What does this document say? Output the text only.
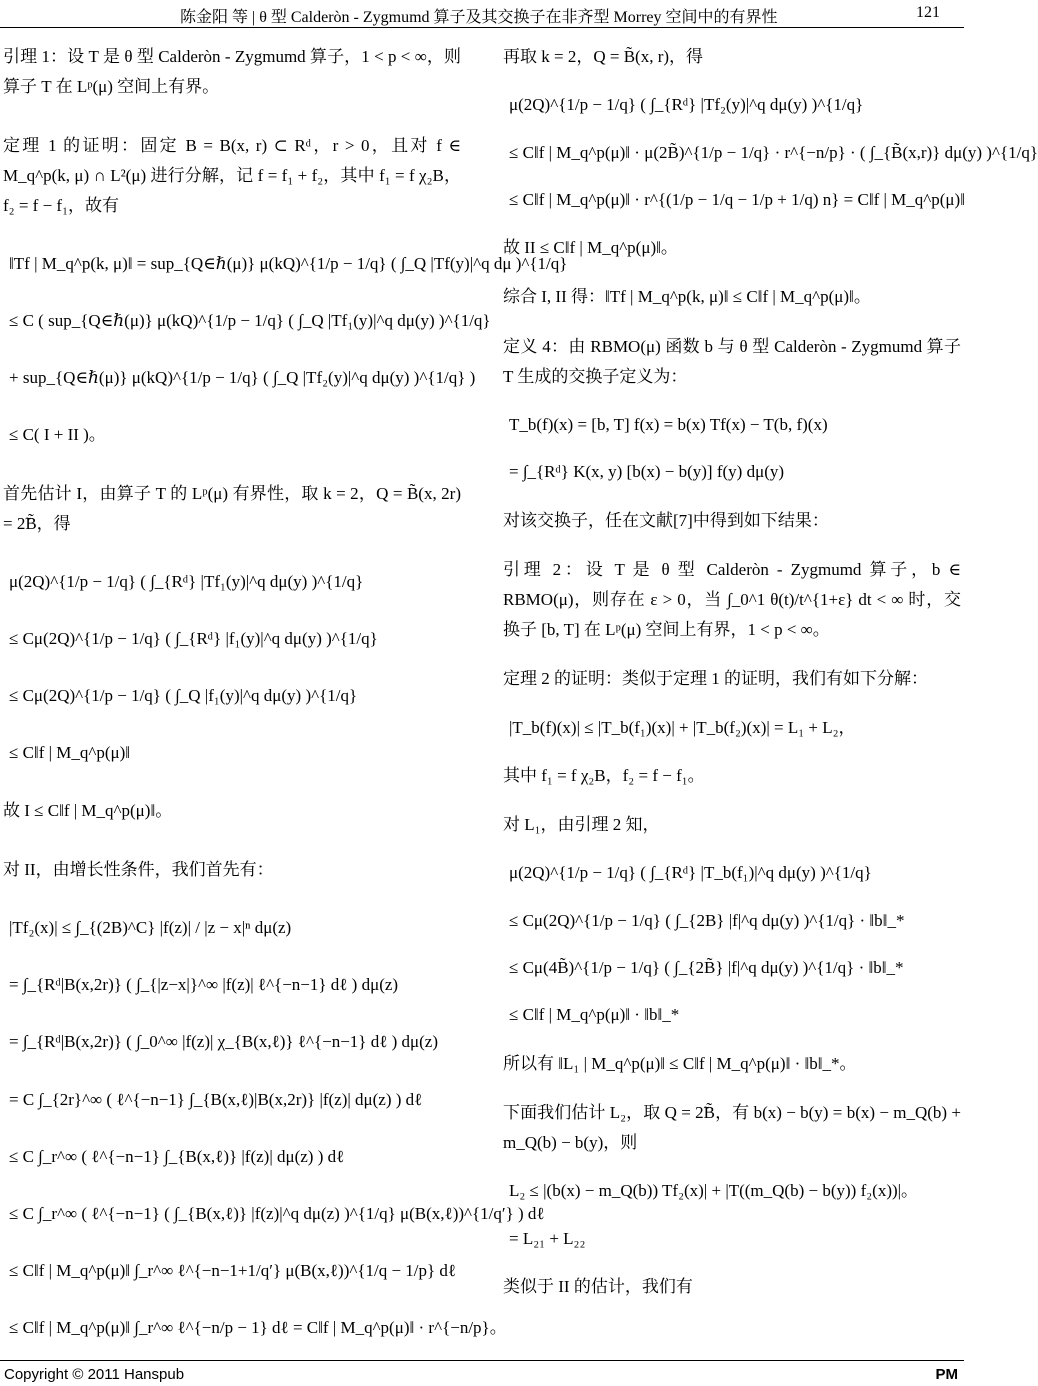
陈金阳 等 | θ 型 Calderòn - Zygmumd 算子及其交换子在非齐型 Morrey 空间中的有界性	121
引理 1：设 T 是 θ 型 Calderòn - Zygmumd 算子，1 < p < ∞，则算子 T 在 Lᵖ(μ) 空间上有界。
定理 1 的证明：固定 B = B(x, r) ⊂ Rᵈ，r > 0，且对 f ∈ M_q^p(k, μ) ∩ L²(μ) 进行分解，记 f = f₁ + f₂，其中 f₁ = f χ₂B，f₂ = f − f₁，故有
‖Tf | M_q^p(k, μ)‖ = sup_{Q∈ℏ(μ)} μ(kQ)^{1/p − 1/q} ( ∫_Q |Tf(y)|^q dμ )^{1/q}
≤ C ( sup_{Q∈ℏ(μ)} μ(kQ)^{1/p − 1/q} ( ∫_Q |Tf₁(y)|^q dμ(y) )^{1/q}
+ sup_{Q∈ℏ(μ)} μ(kQ)^{1/p − 1/q} ( ∫_Q |Tf₂(y)|^q dμ(y) )^{1/q} )
≤ C( I + II )。
首先估计 I，由算子 T 的 Lᵖ(μ) 有界性，取 k = 2，Q = B̃(x, 2r) = 2̃B̃，得
μ(2Q)^{1/p − 1/q} ( ∫_{Rᵈ} |Tf₁(y)|^q dμ(y) )^{1/q}
≤ Cμ(2Q)^{1/p − 1/q} ( ∫_{Rᵈ} |f₁(y)|^q dμ(y) )^{1/q}
≤ Cμ(2Q)^{1/p − 1/q} ( ∫_Q |f₁(y)|^q dμ(y) )^{1/q}
≤ C‖f | M_q^p(μ)‖
故 I ≤ C‖f | M_q^p(μ)‖。
对 II，由增长性条件，我们首先有：
|Tf₂(x)| ≤ ∫_{(2B)^C} |f(z)| / |z − x|ⁿ dμ(z)
= ∫_{Rᵈ|B(x,2r)} ( ∫_{|z−x|}^∞ |f(z)| ℓ^{−n−1} dℓ ) dμ(z)
= ∫_{Rᵈ|B(x,2r)} ( ∫_0^∞ |f(z)| χ_{B(x,ℓ)} ℓ^{−n−1} dℓ ) dμ(z)
= C ∫_{2r}^∞ ( ℓ^{−n−1} ∫_{B(x,ℓ)|B(x,2r)} |f(z)| dμ(z) ) dℓ
≤ C ∫_r^∞ ( ℓ^{−n−1} ∫_{B(x,ℓ)} |f(z)| dμ(z) ) dℓ
≤ C ∫_r^∞ ( ℓ^{−n−1} ( ∫_{B(x,ℓ)} |f(z)|^q dμ(z) )^{1/q} μ(B(x,ℓ))^{1/q′} ) dℓ
≤ C‖f | M_q^p(μ)‖ ∫_r^∞ ℓ^{−n−1+1/q′} μ(B(x,ℓ))^{1/q − 1/p} dℓ
≤ C‖f | M_q^p(μ)‖ ∫_r^∞ ℓ^{−n/p − 1} dℓ = C‖f | M_q^p(μ)‖ · r^{−n/p}。
再取 k = 2，Q = B̃(x, r)，得
μ(2Q)^{1/p − 1/q} ( ∫_{Rᵈ} |Tf₂(y)|^q dμ(y) )^{1/q}
≤ C‖f | M_q^p(μ)‖ · μ(2B̃)^{1/p − 1/q} · r^{−n/p} · ( ∫_{B̃(x,r)} dμ(y) )^{1/q}
≤ C‖f | M_q^p(μ)‖ · r^{(1/p − 1/q − 1/p + 1/q) n} = C‖f | M_q^p(μ)‖
故 II ≤ C‖f | M_q^p(μ)‖。
综合 I, II 得：‖Tf | M_q^p(k, μ)‖ ≤ C‖f | M_q^p(μ)‖。
定义 4：由 RBMO(μ) 函数 b 与 θ 型 Calderòn - Zygmumd 算子 T 生成的交换子定义为：
T_b(f)(x) = [b, T] f(x) = b(x) Tf(x) − T(b, f)(x)
= ∫_{Rᵈ} K(x, y) [b(x) − b(y)] f(y) dμ(y)
对该交换子，任在文献[7]中得到如下结果：
引理 2：设 T 是 θ 型 Calderòn - Zygmumd 算子，b ∈ RBMO(μ)，则存在 ε > 0，当 ∫_0^1 θ(t)/t^{1+ε} dt < ∞ 时，交换子 [b, T] 在 Lᵖ(μ) 空间上有界，1 < p < ∞。
定理 2 的证明：类似于定理 1 的证明，我们有如下分解：
|T_b(f)(x)| ≤ |T_b(f₁)(x)| + |T_b(f₂)(x)| = L₁ + L₂，
其中 f₁ = f χ₂B，f₂ = f − f₁。
对 L₁，由引理 2 知，
μ(2Q)^{1/p − 1/q} ( ∫_{Rᵈ} |T_b(f₁)|^q dμ(y) )^{1/q}
≤ Cμ(2Q)^{1/p − 1/q} ( ∫_{2B} |f|^q dμ(y) )^{1/q} · ‖b‖_*
≤ Cμ(4B̃)^{1/p − 1/q} ( ∫_{2B̃} |f|^q dμ(y) )^{1/q} · ‖b‖_*
≤ C‖f | M_q^p(μ)‖ · ‖b‖_*
所以有 ‖L₁ | M_q^p(μ)‖ ≤ C‖f | M_q^p(μ)‖ · ‖b‖_*。
下面我们估计 L₂，取 Q = 2̃B̃，有 b(x) − b(y) = b(x) − m_Q(b) + m_Q(b) − b(y)，则
L₂ ≤ |(b(x) − m_Q(b)) Tf₂(x)| + |T((m_Q(b) − b(y)) f₂(x))|。
= L₂₁ + L₂₂
类似于 II 的估计，我们有
Copyright © 2011 Hanspub	PM
